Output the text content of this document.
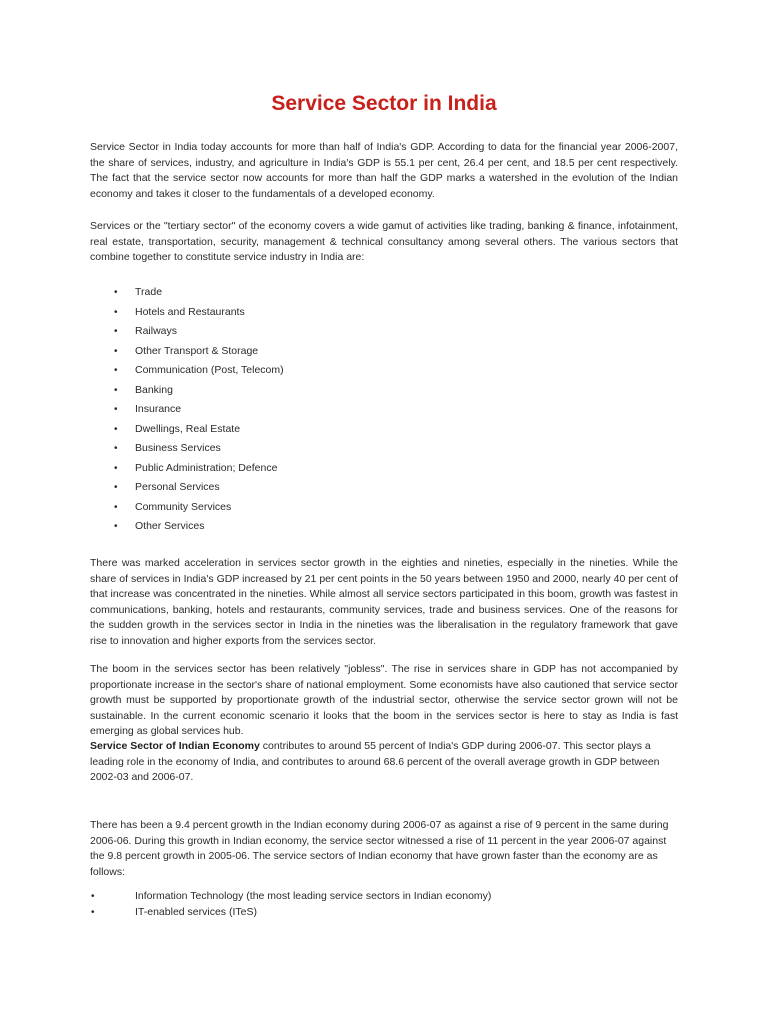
Service Sector in India

Service Sector in India today accounts for more than half of India's GDP. According to data for the financial year 2006-2007, the share of services, industry, and agriculture in India's GDP is 55.1 per cent, 26.4 per cent, and 18.5 per cent respectively. The fact that the service sector now accounts for more than half the GDP marks a watershed in the evolution of the Indian economy and takes it closer to the fundamentals of a developed economy.

Services or the "tertiary sector" of the economy covers a wide gamut of activities like trading, banking & finance, infotainment, real estate, transportation, security, management & technical consultancy among several others. The various sectors that combine together to constitute service industry in India are:

• Trade
• Hotels and Restaurants
• Railways
• Other Transport & Storage
• Communication (Post, Telecom)
• Banking
• Insurance
• Dwellings, Real Estate
• Business Services
• Public Administration; Defence
• Personal Services
• Community Services
• Other Services

There was marked acceleration in services sector growth in the eighties and nineties, especially in the nineties. While the share of services in India's GDP increased by 21 per cent points in the 50 years between 1950 and 2000, nearly 40 per cent of that increase was concentrated in the nineties. While almost all service sectors participated in this boom, growth was fastest in communications, banking, hotels and restaurants, community services, trade and business services. One of the reasons for the sudden growth in the services sector in India in the nineties was the liberalisation in the regulatory framework that gave rise to innovation and higher exports from the services sector.

The boom in the services sector has been relatively "jobless". The rise in services share in GDP has not accompanied by proportionate increase in the sector's share of national employment. Some economists have also cautioned that service sector growth must be supported by proportionate growth of the industrial sector, otherwise the service sector grown will not be sustainable. In the current economic scenario it looks that the boom in the services sector is here to stay as India is fast emerging as global services hub.

Service Sector of Indian Economy contributes to around 55 percent of India's GDP during 2006-07. This sector plays a leading role in the economy of India, and contributes to around 68.6 percent of the overall average growth in GDP between 2002-03 and 2006-07.

There has been a 9.4 percent growth in the Indian economy during 2006-07 as against a rise of 9 percent in the same during 2006-06. During this growth in Indian economy, the service sector witnessed a rise of 11 percent in the year 2006-07 against the 9.8 percent growth in 2005-06. The service sectors of Indian economy that have grown faster than the economy are as follows:

•	Information Technology (the most leading service sectors in Indian economy)
•	IT-enabled services (ITeS)
